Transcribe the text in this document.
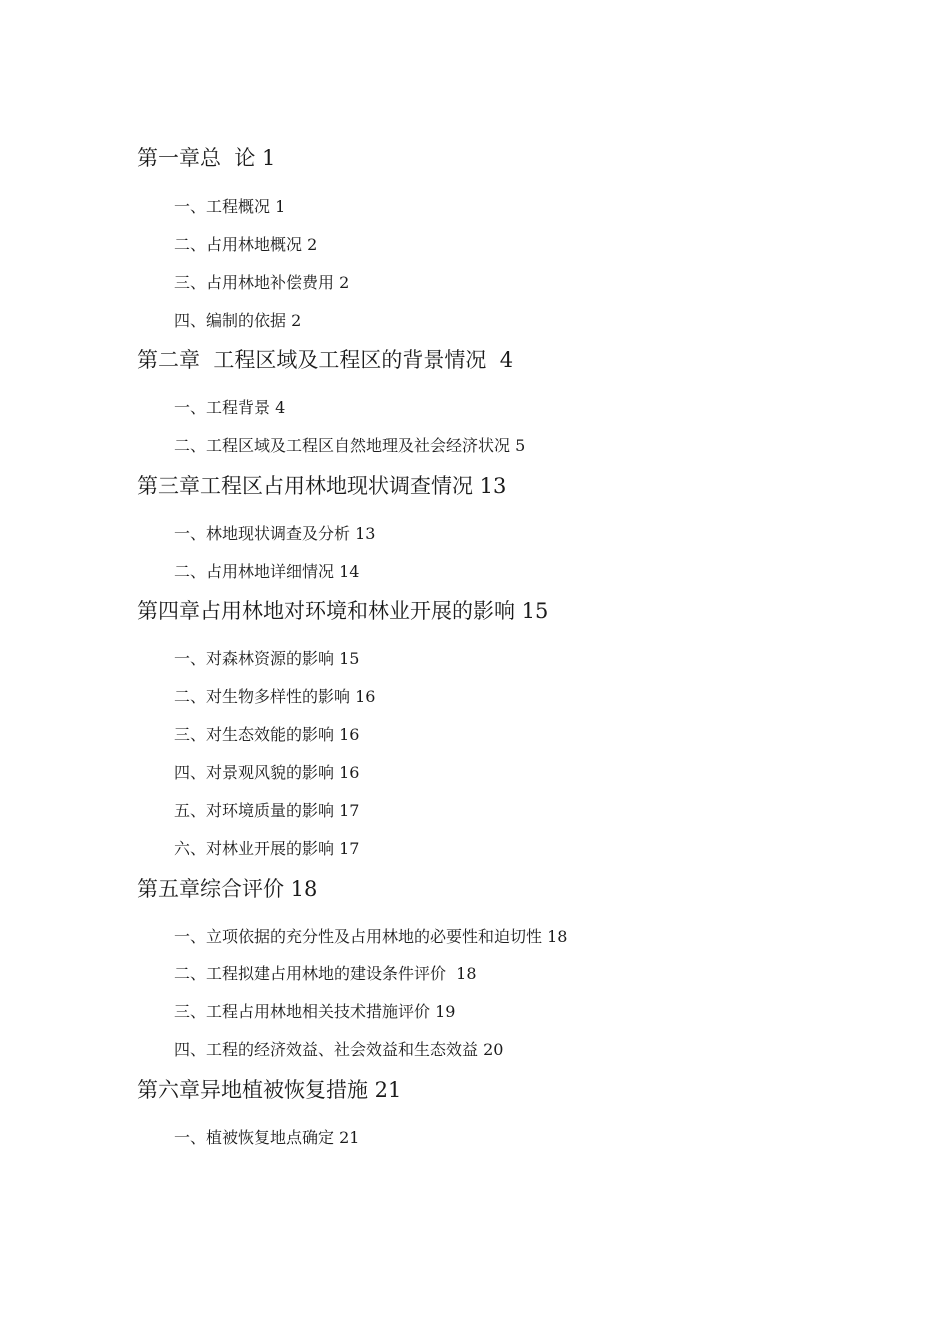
第一章总  论 1
一、工程概况 1
二、占用林地概况 2
三、占用林地补偿费用 2
四、编制的依据 2
第二章  工程区域及工程区的背景情况  4
一、工程背景 4
二、工程区域及工程区自然地理及社会经济状况 5
第三章工程区占用林地现状调查情况 13
一、林地现状调查及分析 13
二、占用林地详细情况 14
第四章占用林地对环境和林业开展的影响 15
一、对森林资源的影响 15
二、对生物多样性的影响 16
三、对生态效能的影响 16
四、对景观风貌的影响 16
五、对环境质量的影响 17
六、对林业开展的影响 17
第五章综合评价 18
一、立项依据的充分性及占用林地的必要性和迫切性 18
二、工程拟建占用林地的建设条件评价  18
三、工程占用林地相关技术措施评价 19
四、工程的经济效益、社会效益和生态效益 20
第六章异地植被恢复措施 21
一、植被恢复地点确定 21
